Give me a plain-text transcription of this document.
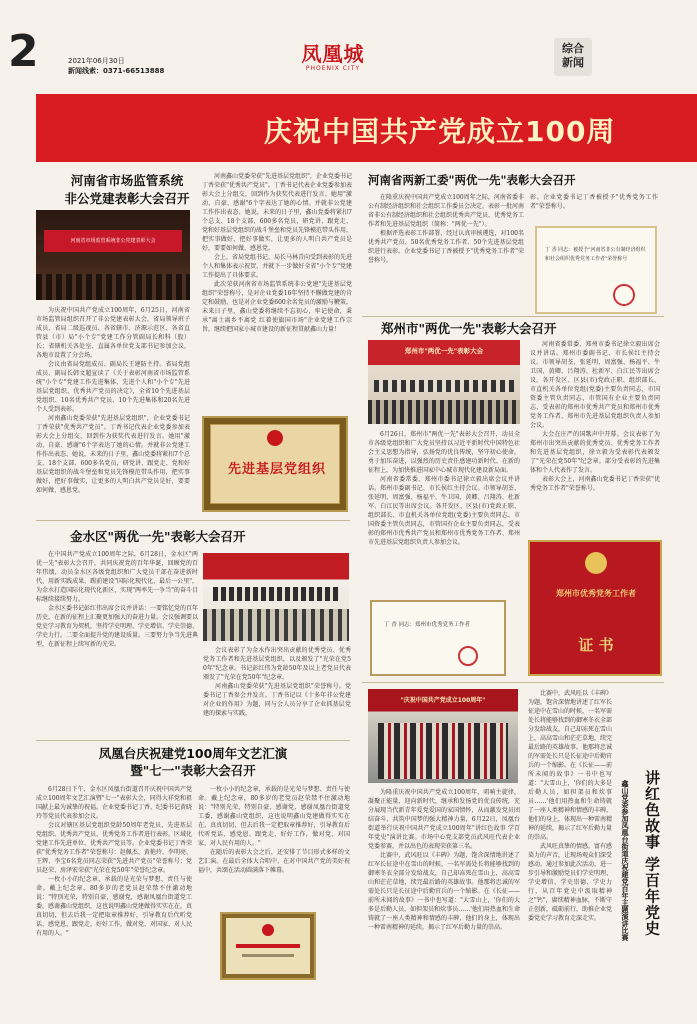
2	2021年06月30日
新闻线索：0371-66513888
凤凰城
PHOENIX CITY
综合
新闻
庆祝中国共产党成立100周
河南省市场监管系统
非公党建表彰大会召开
河南省市场监管系统非公党建表彰大会

为庆祝中国共产党成立100周年，6月25日，河南省市场监管局组织召开了非公党建表彰大会，省局领导班子成员、省局二级巡视员、各省辖市、济源示范区、各省直管县（市）局"小个专"党建工作分管副局长和科（股）长；省辖机关各处室、直属各单位党支部书记参加会议，各地市设置了分会场。

会议由省局党组成员、副局长王建防主持。省局党组成员、副局长韩文超宣读了《关于表彰河南省市场监管系统"小个专"党建工作先进集体、先进个人和"小个专"先进基层党组织、优秀共产党员的决定》，全省10个先进基层党组织、10名优秀共产党员、10个先进集体和20名先进个人受到表彰。

河南鑫山党委荣获"先进基层党组织"，企业党委书记丁香荣获"优秀共产党员"。丁香书记代表企业党委参加表彰大会上分组交，回到作为获奖代表进行发言。她用"激动、自豪、感谢"6个字表达了她的心情。并就非公党建工作作出表态、她说，未来的日子里，鑫山党委将紧扣7个总支、18个支部、600多名党员，研党讲、跟党走、党和好基层党组织的战斗堡垒和党员先锋模范带头作用，把实事做好，把好事做实，让更多的人明白共产党员是好，要要如何做、感恩党。

河南鑫山党委荣获"先进基层党组织"，企业党委书记丁香荣获"优秀共产党员"。丁香书记代表企业党委参加表彰大会上分组交，回到作为获奖代表进行发言。她用"激动、自豪、感谢"6个字表达了她的心情。并就非公党建工作作出表态、她说，未来的日子里，鑫山党委将紧扣7个总支、18个支部、600多名党员，研党讲、跟党走、党和好基层党组织的战斗堡垒和党员先锋模范带头作用，把实事做好，把好事做实，让更多的人明白共产党员是好，要要如何做、感恩党。

会上，省局党组书记、局长马林青向受到表彰的先进个人和集体表示祝贺，并就下一步做好全省"小个专"党建工作提出了具体要求。

此次荣获河南省市场监管系统非公党建"先进基层党组织"荣誉称号，是对企业党委16年坚持不懈做党建的肯定和鼓励，也是对企业党委600余名党员的激励与鞭策。未来日子里，鑫山党委将继续不忘初心，牢记使命，秉承"离土离乡不离党 红着使旗国市场"企业党建工作宗旨，继续把国家小城市建设的新征程贯献鑫山力量！

先进基层党组织
金水区"两优一先"表彰大会召开

在中国共产党成立100周年之际，6月28日，金水区"两优一先"表彰大会召开，共同庆祝党的百年华诞，回顾党的百年伟绩，动员金水区各级党组织和广大党员干部在奋进新时代、用新实践成果，踢前建设"国际化现代化、最后一公里"，为金水打造国际化现代化新区，实现"两率先一争当"的奋斗目标继续接续努力。

金水区委书记彭红伟出席会议并讲话：一要铭忆党的百年历史，在新的征程上汇聚更加强大的奋进力量。会议强调要以党史学习教育为契机，坚持学史明理、学史增信、学史崇德、学史力行。二要全面提升党的建设质量。三要努力争当先进典型，在新征程上续写新的光荣。

会议表彰了为金水作出突出贡献的优秀党员、优秀党务工作者和先进基层党组织，以及颁发了"光荣在党50年"纪念章。书记彭红伟为党龄50年及以上老党员代表颁发了"光荣在党50年"纪念章。

河南鑫山党委荣获"先进基层党组织"荣誉称号。党委书记丁香参会并发言。丁香书记以《十多年非公党建对企业的作用》为题，同与会人员分享了企业抓基层党建的探索与实践。

凤凰台庆祝建党100周年文艺汇演
暨"七一"表彰大会召开

6月28日下午，金水区凤凰台街道召开庆祝中国共产党成立100周年文艺汇演暨"七一"表彰大会，同得大祥党和祖国献上最为诚挚的祝福。企业党委书记丁香、纪委书记黄晓玲等党员代表参加会议。

会议对辖区基层党组织党龄50周年老党员、先进基层党组织、优秀共产党员、优秀党务工作者进行表彰，区域化党建工作先进单位、优秀共产党员等。企业党委书记丁香荣获"优秀党务工作者"荣誉称号：赵佩杰、黄艳玲、李明亮、王辉、李宝6名党员同志荣获"先进共产党员"荣誉称号；党员赵荣、房泽宏荣获"光荣在党50年"荣誉纪念章。

一枚小小的纪念章，承载的是光荣与梦想、责任与使命。戴上纪念章，80多岁的老党员赵荣禁不住激动地说："特别光荣，特别自豪，感谢党，感谢凤凰台街道党工委，感谢鑫山党组织，这也说明鑫山党建做得实实在在，真真切切，但去后我一定把取章推荐好，引导教育后代听党话、感党恩、跟党走，好好工作，做对党、对国家、对人民有用的人。"

一枚小小的纪念章，承载的是光荣与梦想、责任与使命。戴上纪念章，80多岁的老党员赵荣禁不住激动地说："特别光荣，特别自豪，感谢党，感谢凤凰台街道党工委，感谢鑫山党组织，这也说明鑫山党建做得实实在在，真真切切，但去后我一定把取章推荐好，引导教育后代听党话、感党恩、跟党走，好好工作，做对党、对国家、对人民有用的人。"

在随后的表彰大会之后，还安排了节目形式多样的文艺汇演。在最后全体大合唱中，在对中国共产党的美好祝福中，共颂在活动圆满落下帷幕。

河南省两新工委"两优一先"表彰大会召开

在隆重庆祝中国共产党成立100周年之际，河南省委非公有制经济组织和社会组织工作委员会决定，表彰一批河南省非公有制经济组织和社会组织优秀共产党员、优秀党务工作者和先进基层党组织（简称："两优一先"）。

根据评选表彰工作部署，经过认真审核遴选，对100名优秀共产党员、50名优秀党务工作者、50个先进基层党组织进行表彰。企业党委书记丁香被授予"优秀党务工作者"荣誉称号。

彰。企业党委书记丁香被授予"优秀党务工作者"荣誉称号。

丁 香 同志：被授予"河南省非公有制经济组织和社会组织优秀党务工作者"荣誉称号
郑州市"两优一先"表彰大会召开
郑州市"两优一先"表彰大会

6月26日，郑州市"两优一先"表彰大会召开，动员全市各级党组织和广大党员坚持以习近平新时代中国特色社会主义思想为指导，弘扬党的优良传统，坚守初心使命，勇于加压奋进，以强烈的历史责任感建功新时代、在新的征程上，为加快推进国家中心城市现代化建设新局面。

河南省委常委、郑州市委书记徐立毅出席会议并讲话。郑州市委副书记、市长侯红主持会议。市领导胡荃、张延明、周富强、杨福平、牛卫国、黄卿、吕翔涛、杜新军、白江民等出席会议。各开发区、区县(市)党政正职、组织部长、市直机关各单位党组(党委)主要负责同志、市国资委主管负责同志，市管国有企业主要负责同志，受表彰的郑州市优秀共产党员和郑州市优秀党务工作者、郑州市先进基层党组织负责人参加会议。

河南省委常委、郑州市委书记徐立毅出席会议并讲话。郑州市委副书记、市长侯红主持会议。市领导胡荃、张延明、周富强、杨福平、牛卫国、黄卿、吕翔涛、杜新军、白江民等出席会议。各开发区、区县(市)党政正职、组织部长、市直机关各单位党组(党委)主要负责同志、市国资委主管负责同志，市管国有企业主要负责同志，受表彰的郑州市优秀共产党员和郑州市优秀党务工作者、郑州市先进基层党组织负责人参加会议。

大会在庄严的国歌声中开幕。会议表彰了为郑州市出突出贡献的优秀党员、优秀党务工作者和先进基层党组织，徐立毅为受表彰代表颁发了"光荣在党50年"纪念章。部分受表彰的先进集体和个人代表作了发言。

表彰大会上，河南鑫山党委书记丁香荣获"优秀党务工作者"荣誉称号。

丁 香 同志：郑州市优秀党务工作者
郑州市优秀党务工作者
证 书
"庆祝中国共产党成立100周年"

为隆重庆祝中国共产党成立100周年，唱响主旋律，凝聚正能量，迎向新时代，继承和发扬党的优良传统，充分展现当代新青年爱党爱国的家国情怀，从而激发党员团结奋斗、共筑中国梦的强大精神力量，6月22日，凤凰台街道举行庆祝中国共产党成立100周年"讲红色故事 学百年党史"演讲比赛。市场中心党支部党员武风旺代表企业党委参赛，并以出色的表现荣获第三名。

比赛中，武风旺以《丰碑》为题，饱含深情地讲述了红军长征途中在雪山的时候，一名军需处长将能够找到的御寒冬衣全部分发给战友，自己却冻死在雪山上，高高雪山和茫茫草地，续完最后路的英雄故事。他那将忠诚的军需处长只是长征途中后勤官兵的一个缩影。在《长征——前所未闻的故事》一书中也写道："大雪山上，'你们的大多是后勤人员，如担架员和炊事员……'他们用热血和生命铸就了一座人类精神和情感的丰碑，他们的身上，体现出一种雷南精神的延续，揭示了红军后勤力量的崇高。

比赛中，武风旺以《丰碑》为题，饱含深情地讲述了红军长征途中在雪山的时候，一名军需处长将能够找到的御寒冬衣全部分发给战友，自己却冻死在雪山上，高高雪山和茫茫草地，续完最后路的英雄故事。他那将忠诚的军需处长只是长征途中后勤官兵的一个缩影。在《长征——前所未闻的故事》一书中也写道："大雪山上，'你们的大多是后勤人员，如担架员和炊事员……'他们用热血和生命铸就了一座人类精神和情感的丰碑，他们的身上，体现出一种雷南精神的延续，揭示了红军后勤力量的崇高。

武风旺真挚的情感，富有感染力的声音，让现场观众们深受感动。通过参加此次活动，进一步引导和激励党员们学史明理、学史增信、学史崇德、学史力行，从百年党史中汲取精神之"钙"，赓续精神血脉，不断守正创新，砥砺前行，助推企业党委党史学习教育走深走实。	讲红色故事 学百年党史
鑫山党委参加凤凰台街道庆祝建党百年主题演讲比赛
